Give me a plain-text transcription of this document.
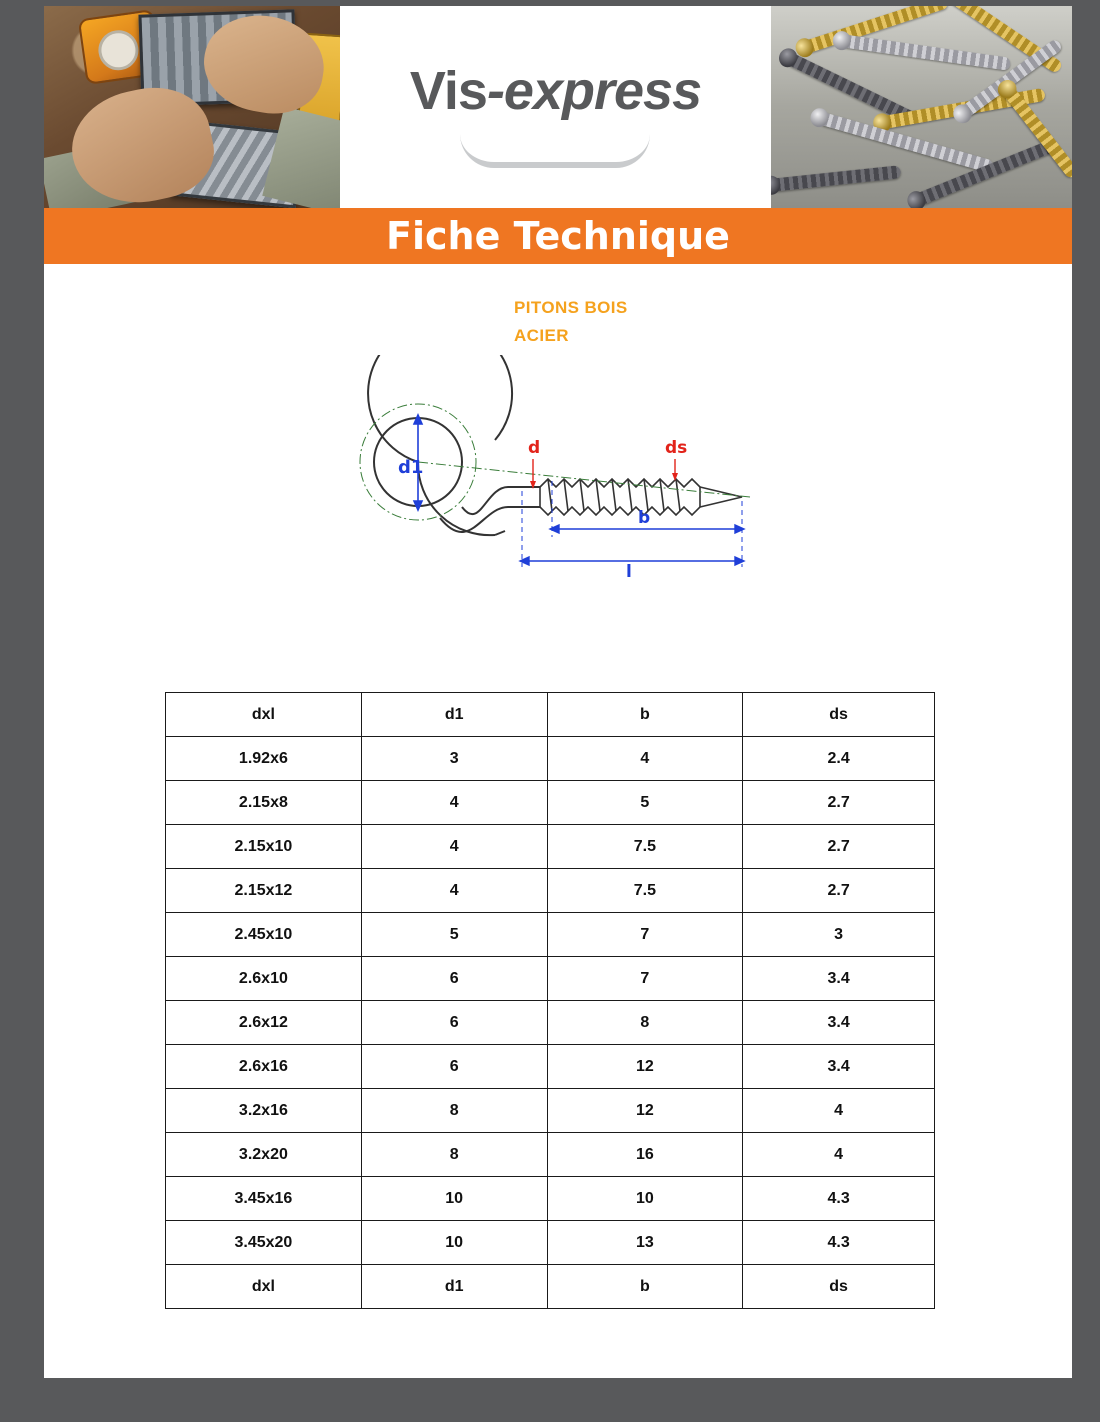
Vis-express
Fiche Technique
PITONS BOIS
ACIER
d1
d	ds
b
l
dxl	d1	b	ds
1.92x6	3	4	2.4
2.15x8	4	5	2.7
2.15x10	4	7.5	2.7
2.15x12	4	7.5	2.7
2.45x10	5	7	3
2.6x10	6	7	3.4
2.6x12	6	8	3.4
2.6x16	6	12	3.4
3.2x16	8	12	4
3.2x20	8	16	4
3.45x16	10	10	4.3
3.45x20	10	13	4.3
dxl	d1	b	ds
